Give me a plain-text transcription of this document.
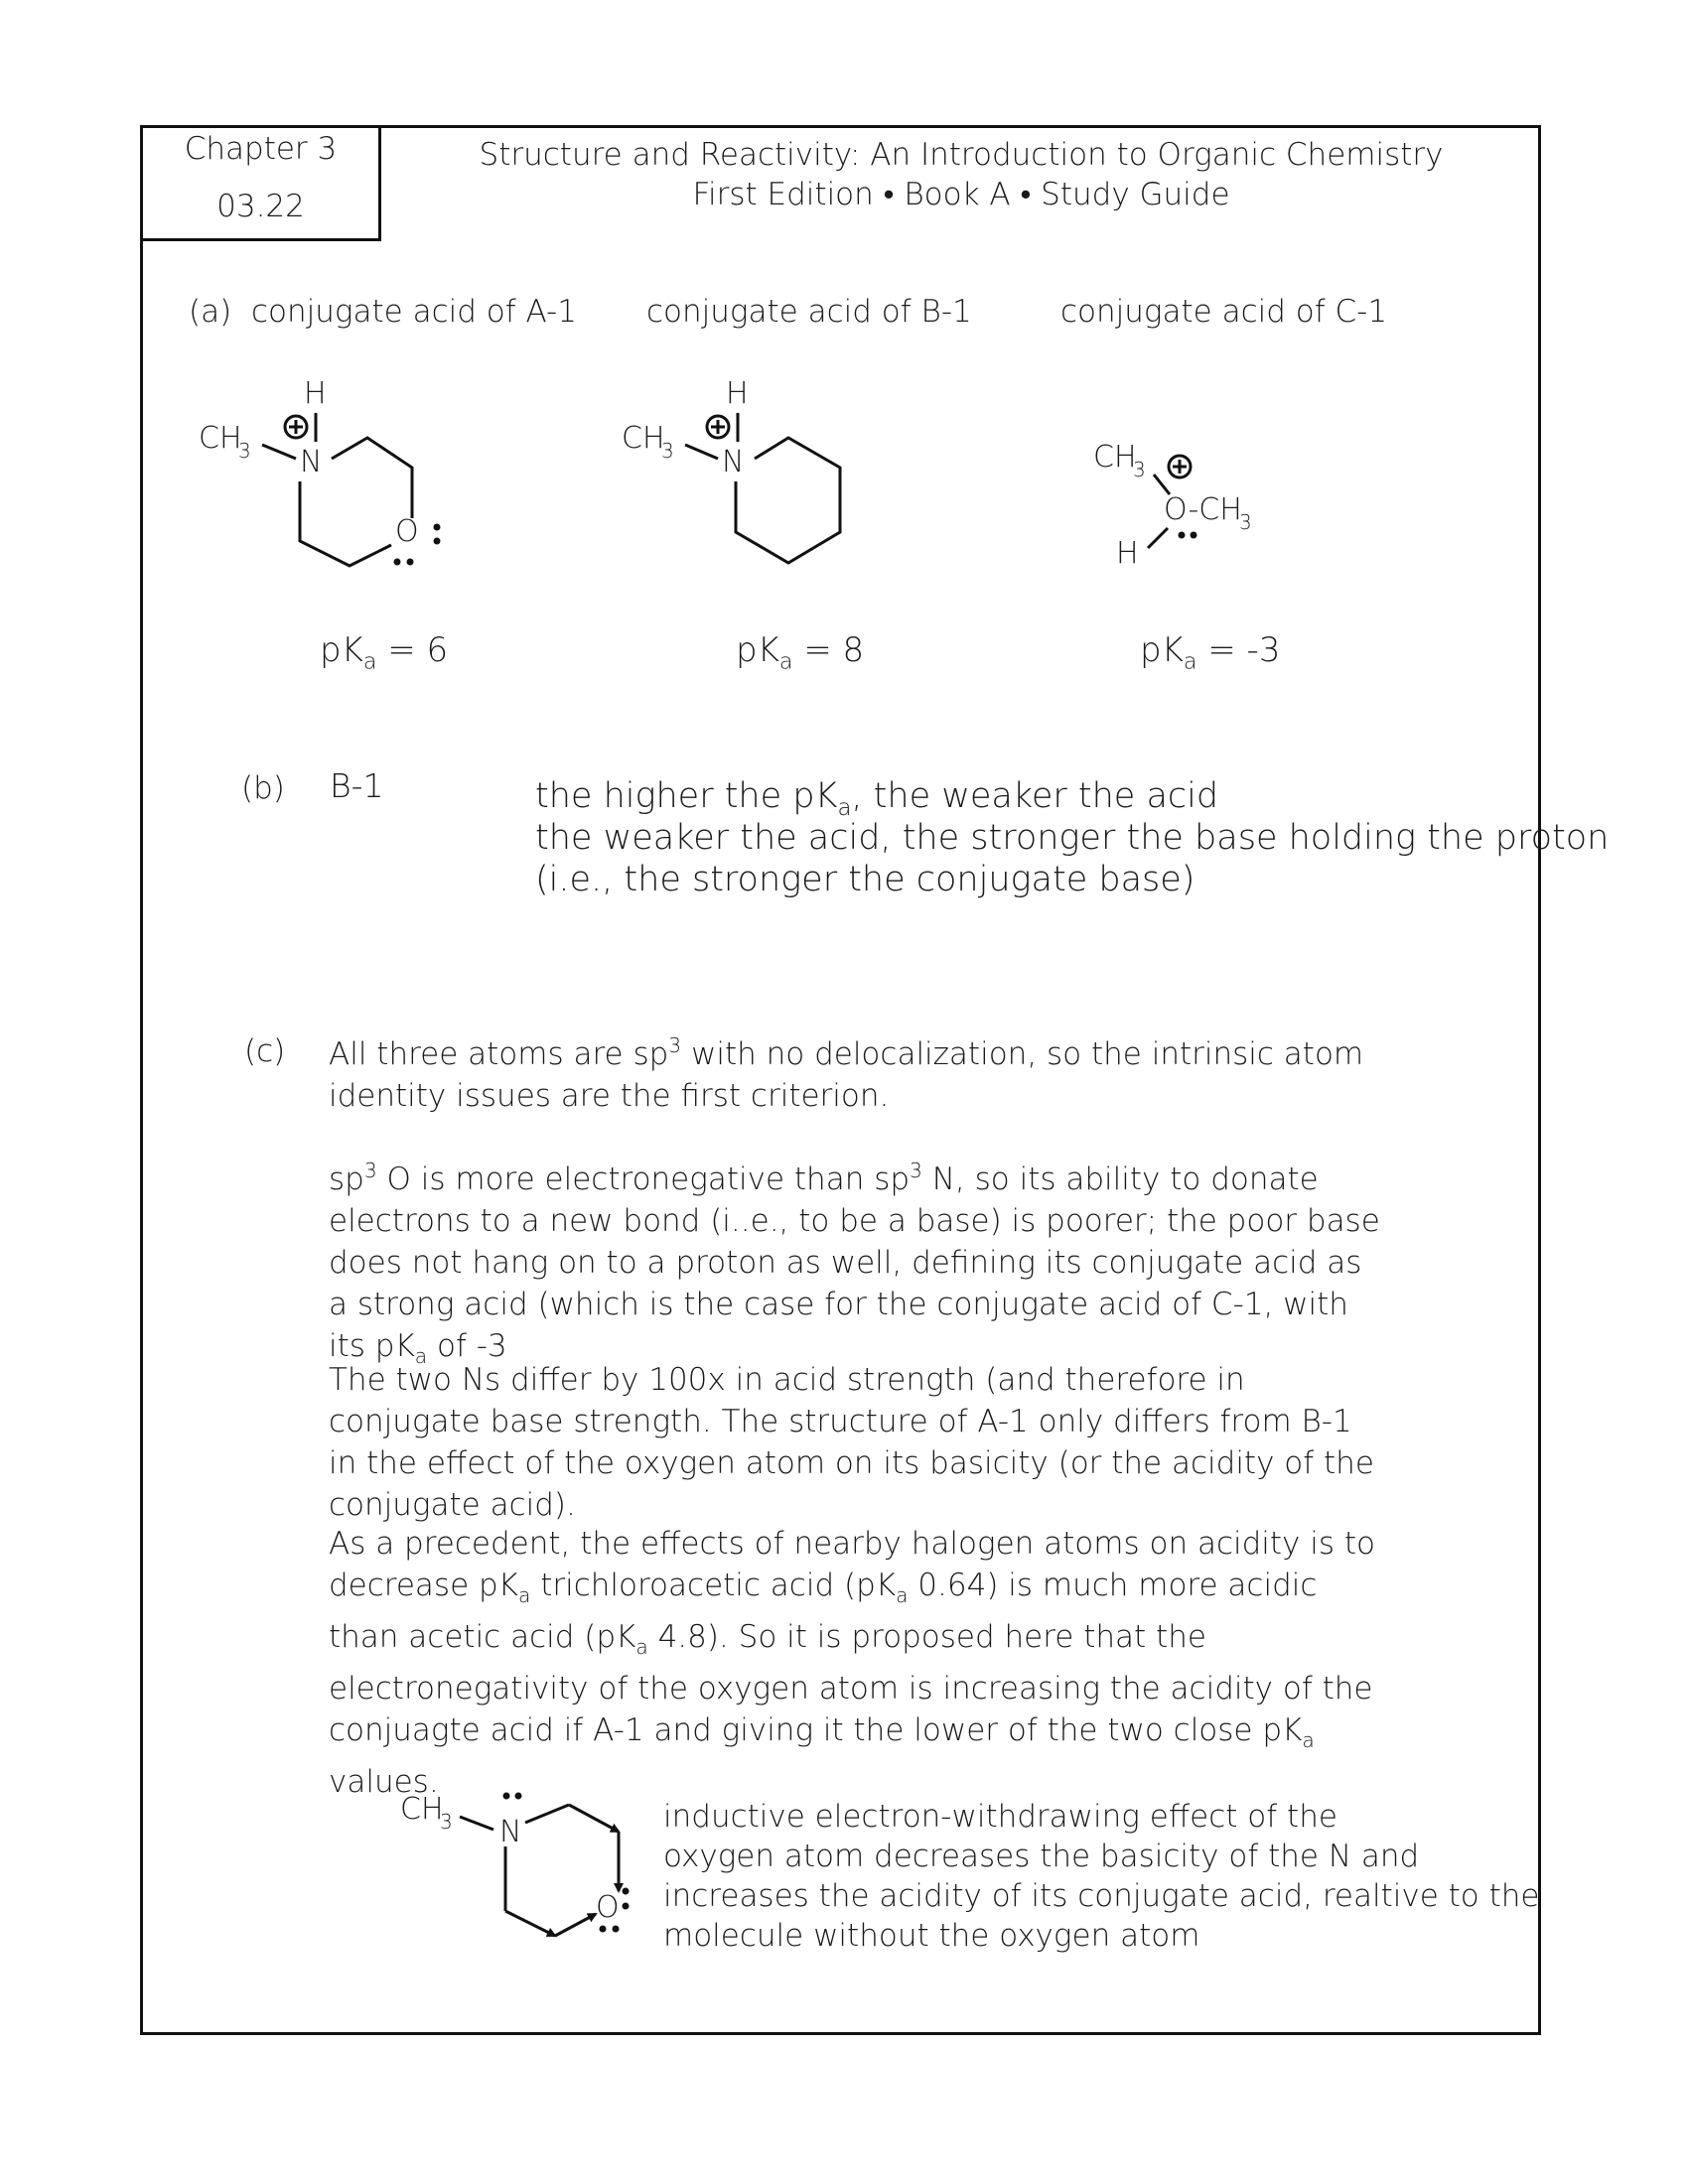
Chapter 3
03.22
Structure and Reactivity: An Introduction to Organic Chemistry
First Edition • Book A • Study Guide
(a) conjugate acid of A-1 conjugate acid of B-1	conjugate acid of C-1
H
CH
3 N
O
H
CH
3 N	CH
3
O-CH
3
H
CH
3 N
O
$pK_a = 6$	$pK_a = 8$	$pK_a = -3$
(b) B-1	the higher the $pK_a$, the weaker the acid
the weaker the acid, the stronger the base holding the proton
(i.e., the stronger the conjugate base)
(c) All three atoms are $sp^3$ with no delocalization, so the intrinsic atom identity issues are the first criterion.
$sp^3$ O is more electronegative than $sp^3$ N, so its ability to donate electrons to a new bond (i..e., to be a base) is poorer; the poor base does not hang on to a proton as well, defining its conjugate acid as a strong acid (which is the case for the conjugate acid of C-1, with its $pK_a$ of -3
The two Ns differ by 100x in acid strength (and therefore in conjugate base strength. The structure of A-1 only differs from B-1 in the effect of the oxygen atom on its basicity (or the acidity of the conjugate acid).
As a precedent, the effects of nearby halogen atoms on acidity is to decrease $pK_a$ trichloroacetic acid ($pK_a$ 0.64) is much more acidic than acetic acid ($pK_a$ 4.8). So it is proposed here that the electronegativity of the oxygen atom is increasing the acidity of the conjuagte acid if A-1 and giving it the lower of the two close $pK_a$ values.
inductive electron-withdrawing effect of the
oxygen atom decreases the basicity of the N and
increases the acidity of its conjugate acid, realtive to the
molecule without the oxygen atom
